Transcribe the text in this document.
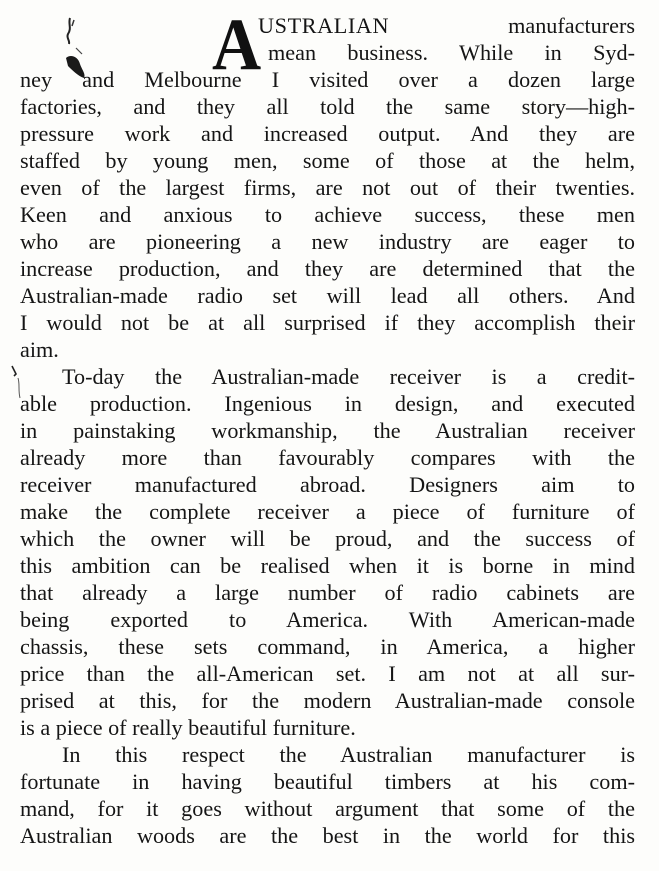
A
USTRALIAN	manufacturers
mean business. While in Syd-
ney and Melbourne I visited over a dozen large
factories, and they all told the same story—high-
pressure work and increased output. And they are
staffed by young men, some of those at the helm,
even of the largest firms, are not out of their twenties.
Keen and anxious to achieve success, these men
who are pioneering a new industry are eager to
increase production, and they are determined that the
Australian-made radio set will lead all others. And
I would not be at all surprised if they accomplish their
aim.
To-day the Australian-made receiver is a credit-
able production. Ingenious in design, and executed
in painstaking workmanship, the Australian receiver
already more than favourably compares with the
receiver manufactured abroad. Designers aim to
make the complete receiver a piece of furniture of
which the owner will be proud, and the success of
this ambition can be realised when it is borne in mind
that already a large number of radio cabinets are
being exported to America. With American-made
chassis, these sets command, in America, a higher
price than the all-American set. I am not at all sur-
prised at this, for the modern Australian-made console
is a piece of really beautiful furniture.
In this respect the Australian manufacturer is
fortunate in having beautiful timbers at his com-
mand, for it goes without argument that some of the
Australian woods are the best in the world for this
